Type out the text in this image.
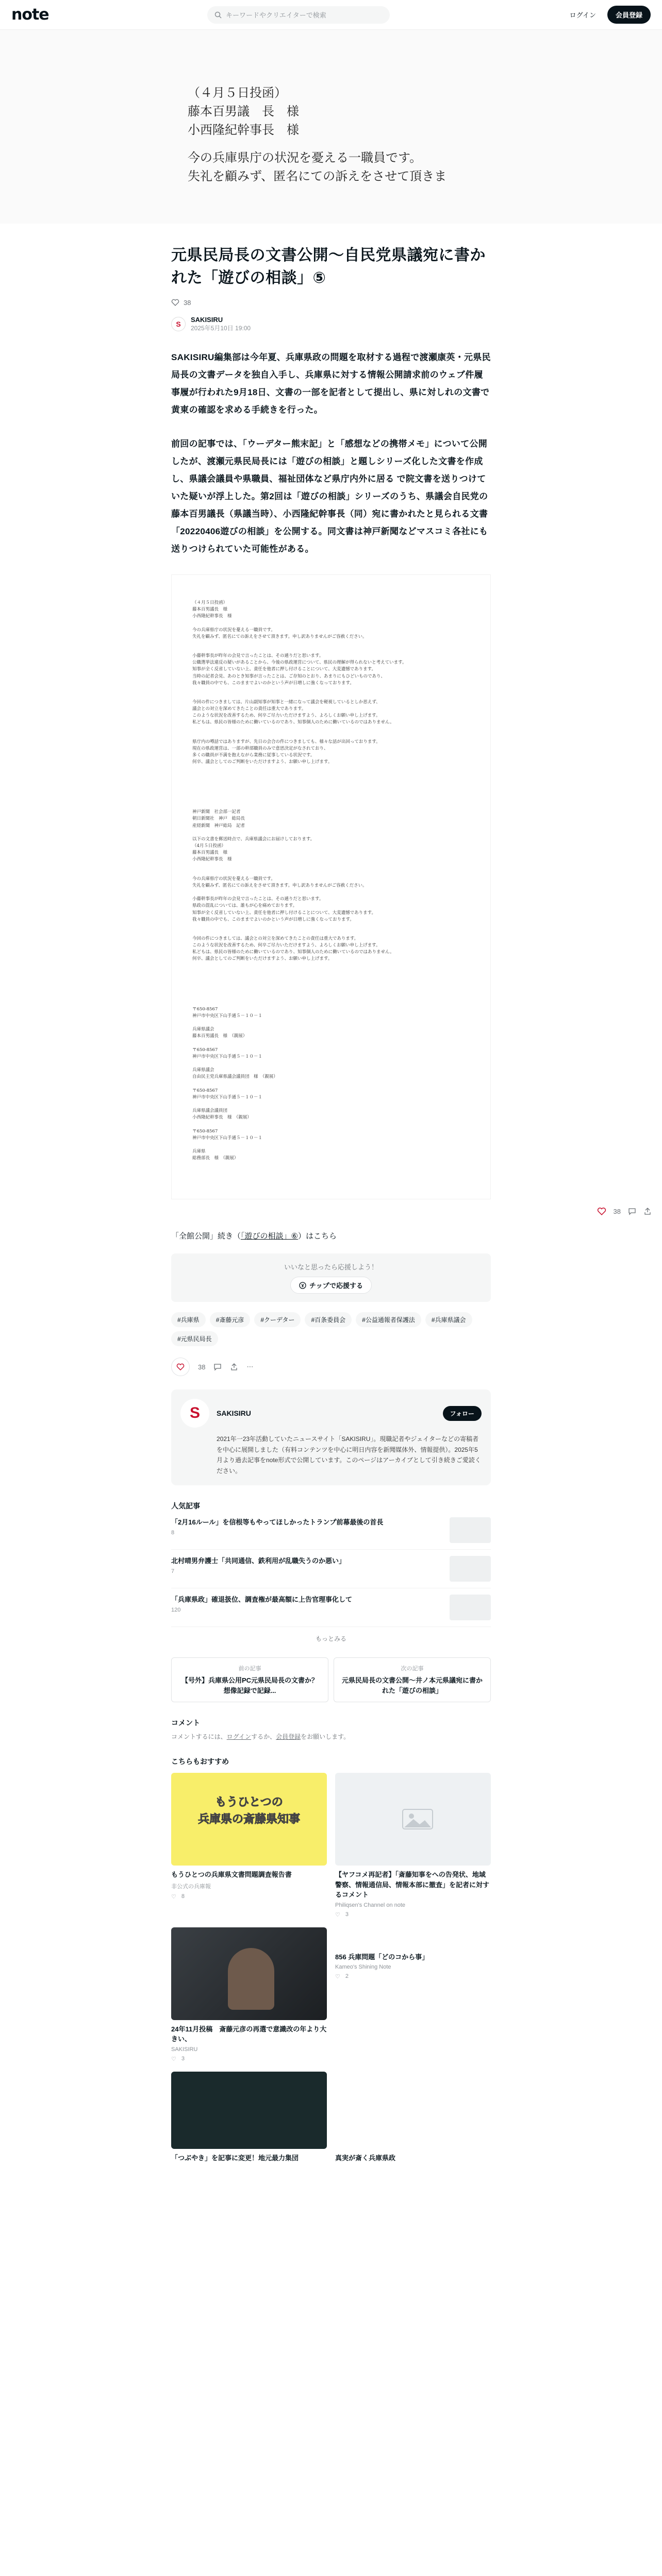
note	キーワードやクリエイターで検索	ログイン	会員登録
（４月５日投函）
藤本百男議　長　様
小西隆紀幹事長　様
今の兵庫県庁の状況を憂える一職員です。
失礼を顧みず、匿名にての訴えをさせて頂きま
元県民局長の文書公開〜自民党県議宛に書かれた「遊びの相談」⑤
38
S
SAKISIRU
2025年5月10日 19:00

SAKISIRU編集部は今年夏、兵庫県政の問題を取材する過程で渡瀬康英・元県民局長の文書データを独自入手し、兵庫県に対する情報公開請求前のウェブ件履事履が行われた9月18日、文書の一部を記者として提出し、県に対しれの文書で黄東の確認を求める手続きを行った。

前回の記事では、「ウーデター熊末記」と「感想などの携帯メモ」について公開したが、渡瀬元県民局長には「遊びの相談」と題しシリーズ化した文書を作成し、県議会議員や県職員、福祉団体など県庁内外に居る で院文書を送りつけていた疑いが浮上した。第2回は「遊びの相談」シリーズのうち、県議会自民党の藤本百男議長（県議当時）、小西隆紀幹事長（同）宛に書かれたと見られる文書「20220406遊びの相談」を公開する。同文書は神戸新聞などマスコミ各社にも送りつけられていた可能性がある。

（４月５日投函）
藤本百男議長　様
小西隆紀幹事長　様

今の兵庫県庁の状況を憂える一職員です。
失礼を顧みず、匿名にての訴えをさせて頂きます。申し訳ありませんがご容赦ください。
小藤幹事長が昨年の会見で言ったことは、その通りだと思います。
公職選挙法違反の疑いがあることから、今後の県政運営について、県民の理解が得られないと考えています。
知事が全く反省していない上、責任を他者に押し付けることについて、大変遺憾であります。
当時の記者会見、あのとき知事が言ったことは、ご存知のとおり、あまりにもひどいものであり、
我々職員の中でも、このままでよいのかという声が日増しに強くなっております。
今回の件につきましては、片山副知事が知事と一緒になって議会を軽視しているとしか思えず、
議会との対立を深めてきたことの責任は重大であります。
このような状況を改善するため、何卒ご尽力いただけますよう、よろしくお願い申し上げます。
私どもは、県民の皆様のために働いているのであり、知事個人のために働いているのではありません。
県庁内の噂話ではありますが、先日の会合の件につきましても、様々な話が出回っております。
現在の県政運営は、一部の幹部職員のみで意思決定がなされており、
多くの職員が不満を抱えながら業務に従事している状況です。
何卒、議会としてのご判断をいただけますよう、お願い申し上げます。
神戸新聞　社会部一記者
朝日新聞社　神戸　総局長
産経新聞　神戸総局　記者

以下の文書を郵送時点で、兵庫県議会にお届けしております。
（4月５日投函）
藤本百男議長　様
小西隆紀幹事長　様
今の兵庫県庁の状況を憂える一職員です。
失礼を顧みず、匿名にての訴えをさせて頂きます。申し訳ありませんがご容赦ください。

小藤幹事長が昨年の会見で言ったことは、その通りだと思います。
県政の混乱については、誰もが心を痛めております。
知事が全く反省していない上、責任を他者に押し付けることについて、大変遺憾であります。
我々職員の中でも、このままでよいのかという声が日増しに強くなっております。
今回の件につきましては、議会との対立を深めてきたことの責任は重大であります。
このような状況を改善するため、何卒ご尽力いただけますよう、よろしくお願い申し上げます。
私どもは、県民の皆様のために働いているのであり、知事個人のために働いているのではありません。
何卒、議会としてのご判断をいただけますよう、お願い申し上げます。
〒650-8567
神戸市中央区下山手通５－１０－１

兵庫県議会
藤本百男議長　様　（親展）

〒650-8567
神戸市中央区下山手通５－１０－１

兵庫県議会
自由民主党兵庫県議会議員団　様　（親展）

〒650-8567
神戸市中央区下山手通５－１０－１

兵庫県議会議員団
小西隆紀幹事長　様　（親展）

〒650-8567
神戸市中央区下山手通５－１０－１

兵庫県
総務部長　様　（親展）
38
「全館公開」続き（「遊びの相談」⑥）はこちら
いいなと思ったら応援しよう！
¥ チップで応援する
#兵庫県	#斎藤元彦	#クーデター	#百条委員会	#公益通報者保護法	#兵庫県議会
#元県民局長
38	⋯
S	SAKISIRU	フォロー
2021年一23年活動していたニュースサイト「SAKISIRU」。現職記者やジェイターなどの寄稿者を中心に展開しました（有料コンテンツを中心に明日内容を新聞媒体外、情報提供）。2025年5月より過去記事をnote形式で公開しています。このページはアーカイブとして引き続きご愛読ください。
人気記事
「2月16ルール」を信根等もやってほしかったトランプ前幕最後の首長
8
北村晴男弁護士「共同通信、鉄利用が乱職失うのか悪い」
7
「兵庫県政」確退扱位、調査権が最高額に上告官理事化して
120
もっとみる
前の記事
【号外】兵庫県公用PC元県民局長の文書か？想像記録で記録...
次の記事
元県民局長の文書公開〜井ノ本元県議宛に書かれた「遊びの相談」
コメント
コメントするには、ログインするか、会員登録をお願いします。
こちらもおすすめ
もうひとつの
兵庫県の斎藤県知事
もうひとつの兵庫県文書問題調査報告書
非公式の兵庫報
♡ 8
【ヤフコメ再記者】「斎藤知事をへの告発状、地域警察、情報通信局、情報本部に撤査」を記者に対するコメント
Philiqsen's Channel on note
♡ 3
24年11月投稿　斎藤元彦の再選で意識改の年より大きい、
SAKISIRU
♡ 3
856 兵庫問題「どのコから事」
Kameo's Shining Note
♡ 2
「つぶやき」を記事に変更！地元最力集団	真実が斎く兵庫県政
